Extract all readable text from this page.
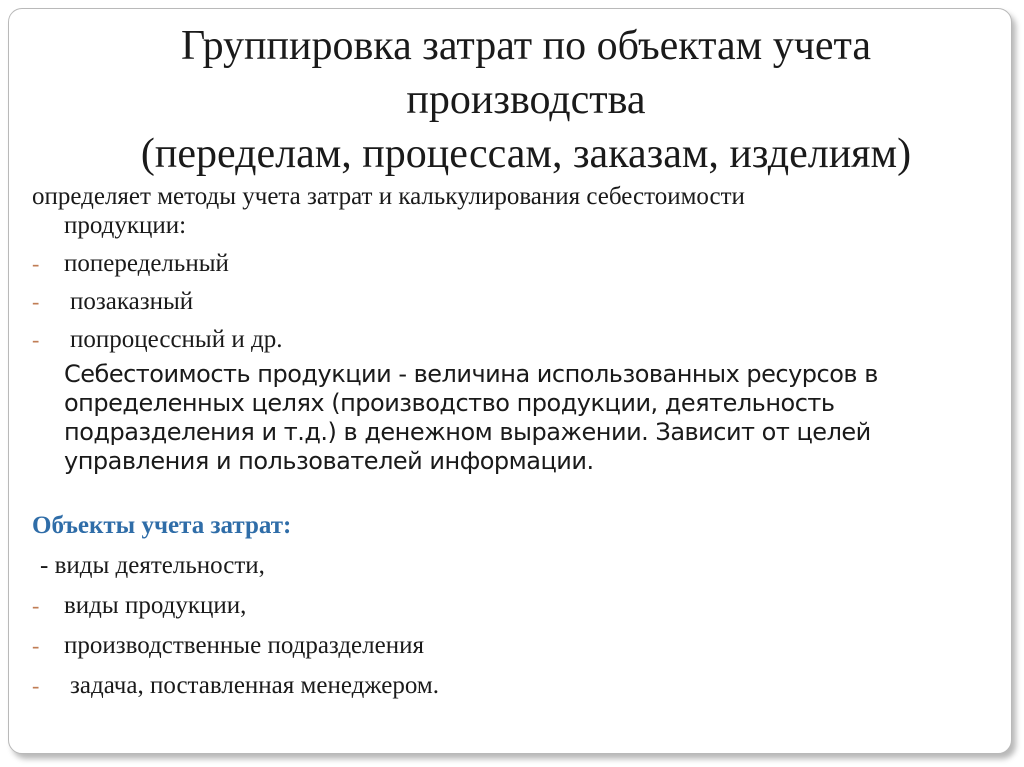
Группировка затрат по объектам учета
производства
(переделам, процессам, заказам, изделиям)

определяет методы учета затрат и калькулирования себестоимости
продукции:

- попередельный
- позаказный
- попроцессный и др.
Себестоимость продукции - величина использованных ресурсов в определенных целях (производство продукции, деятельность подразделения и т.д.) в денежном выражении. Зависит от целей управления и пользователей информации.
Объекты учета затрат:
- виды деятельности,
- виды продукции,
- производственные подразделения
- задача, поставленная менеджером.
